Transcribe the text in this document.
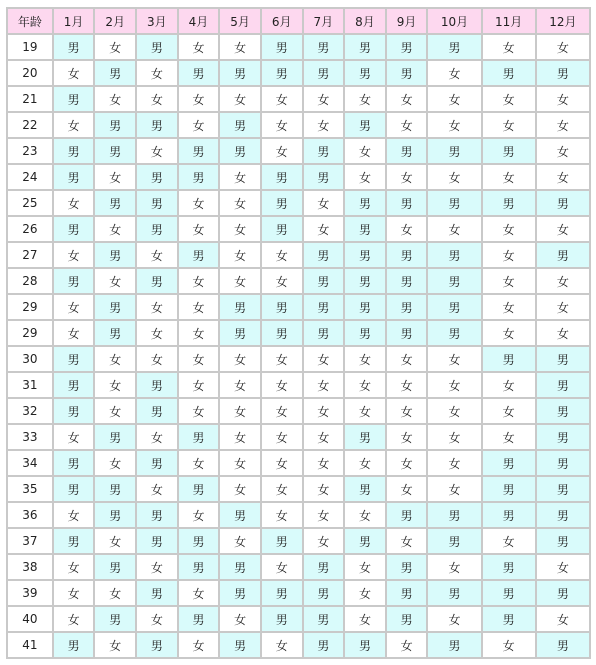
年龄	1月	2月	3月	4月	5月	6月	7月	8月	9月	10月	11月	12月
19	男	女	男	女	女	男	男	男	男	男	女	女
20	女	男	女	男	男	男	男	男	男	女	男	男
21	男	女	女	女	女	女	女	女	女	女	女	女
22	女	男	男	女	男	女	女	男	女	女	女	女
23	男	男	女	男	男	女	男	女	男	男	男	女
24	男	女	男	男	女	男	男	女	女	女	女	女
25	女	男	男	女	女	男	女	男	男	男	男	男
26	男	女	男	女	女	男	女	男	女	女	女	女
27	女	男	女	男	女	女	男	男	男	男	女	男
28	男	女	男	女	女	女	男	男	男	男	女	女
29	女	男	女	女	男	男	男	男	男	男	女	女
29	女	男	女	女	男	男	男	男	男	男	女	女
30	男	女	女	女	女	女	女	女	女	女	男	男
31	男	女	男	女	女	女	女	女	女	女	女	男
32	男	女	男	女	女	女	女	女	女	女	女	男
33	女	男	女	男	女	女	女	男	女	女	女	男
34	男	女	男	女	女	女	女	女	女	女	男	男
35	男	男	女	男	女	女	女	男	女	女	男	男
36	女	男	男	女	男	女	女	女	男	男	男	男
37	男	女	男	男	女	男	女	男	女	男	女	男
38	女	男	女	男	男	女	男	女	男	女	男	女
39	女	女	男	女	男	男	男	女	男	男	男	男
40	女	男	女	男	女	男	男	女	男	女	男	女
41	男	女	男	女	男	女	男	男	女	男	女	男
